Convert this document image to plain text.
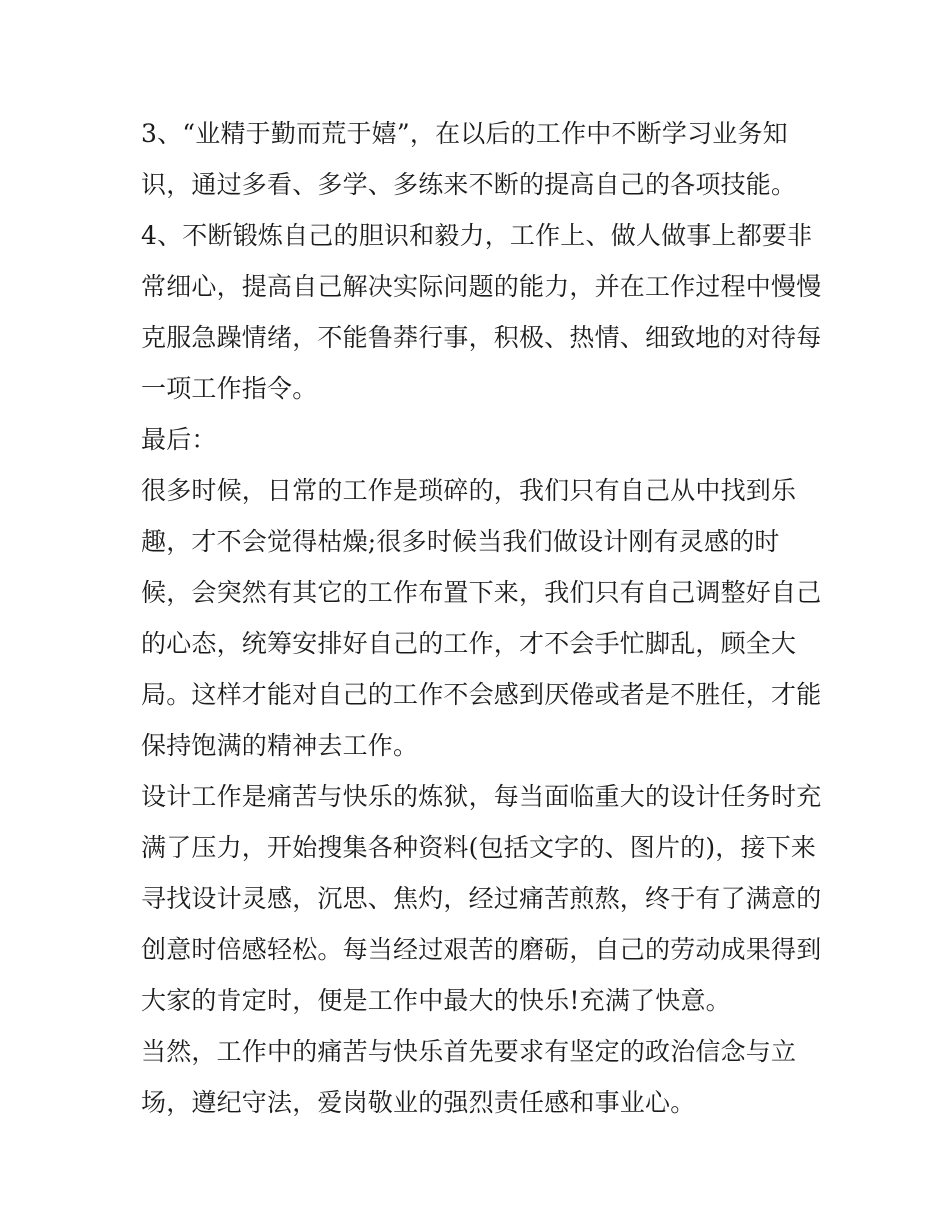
3、“业精于勤而荒于嬉”，在以后的工作中不断学习业务知
识，通过多看、多学、多练来不断的提高自己的各项技能。
4、不断锻炼自己的胆识和毅力，工作上、做人做事上都要非
常细心，提高自己解决实际问题的能力，并在工作过程中慢慢
克服急躁情绪，不能鲁莽行事，积极、热情、细致地的对待每
一项工作指令。
最后：
很多时候，日常的工作是琐碎的，我们只有自己从中找到乐
趣，才不会觉得枯燥;很多时候当我们做设计刚有灵感的时
候，会突然有其它的工作布置下来，我们只有自己调整好自己
的心态，统筹安排好自己的工作，才不会手忙脚乱，顾全大
局。这样才能对自己的工作不会感到厌倦或者是不胜任，才能
保持饱满的精神去工作。
设计工作是痛苦与快乐的炼狱，每当面临重大的设计任务时充
满了压力，开始搜集各种资料(包括文字的、图片的)，接下来
寻找设计灵感，沉思、焦灼，经过痛苦煎熬，终于有了满意的
创意时倍感轻松。每当经过艰苦的磨砺，自己的劳动成果得到
大家的肯定时，便是工作中最大的快乐!充满了快意。
当然，工作中的痛苦与快乐首先要求有坚定的政治信念与立
场，遵纪守法，爱岗敬业的强烈责任感和事业心。
